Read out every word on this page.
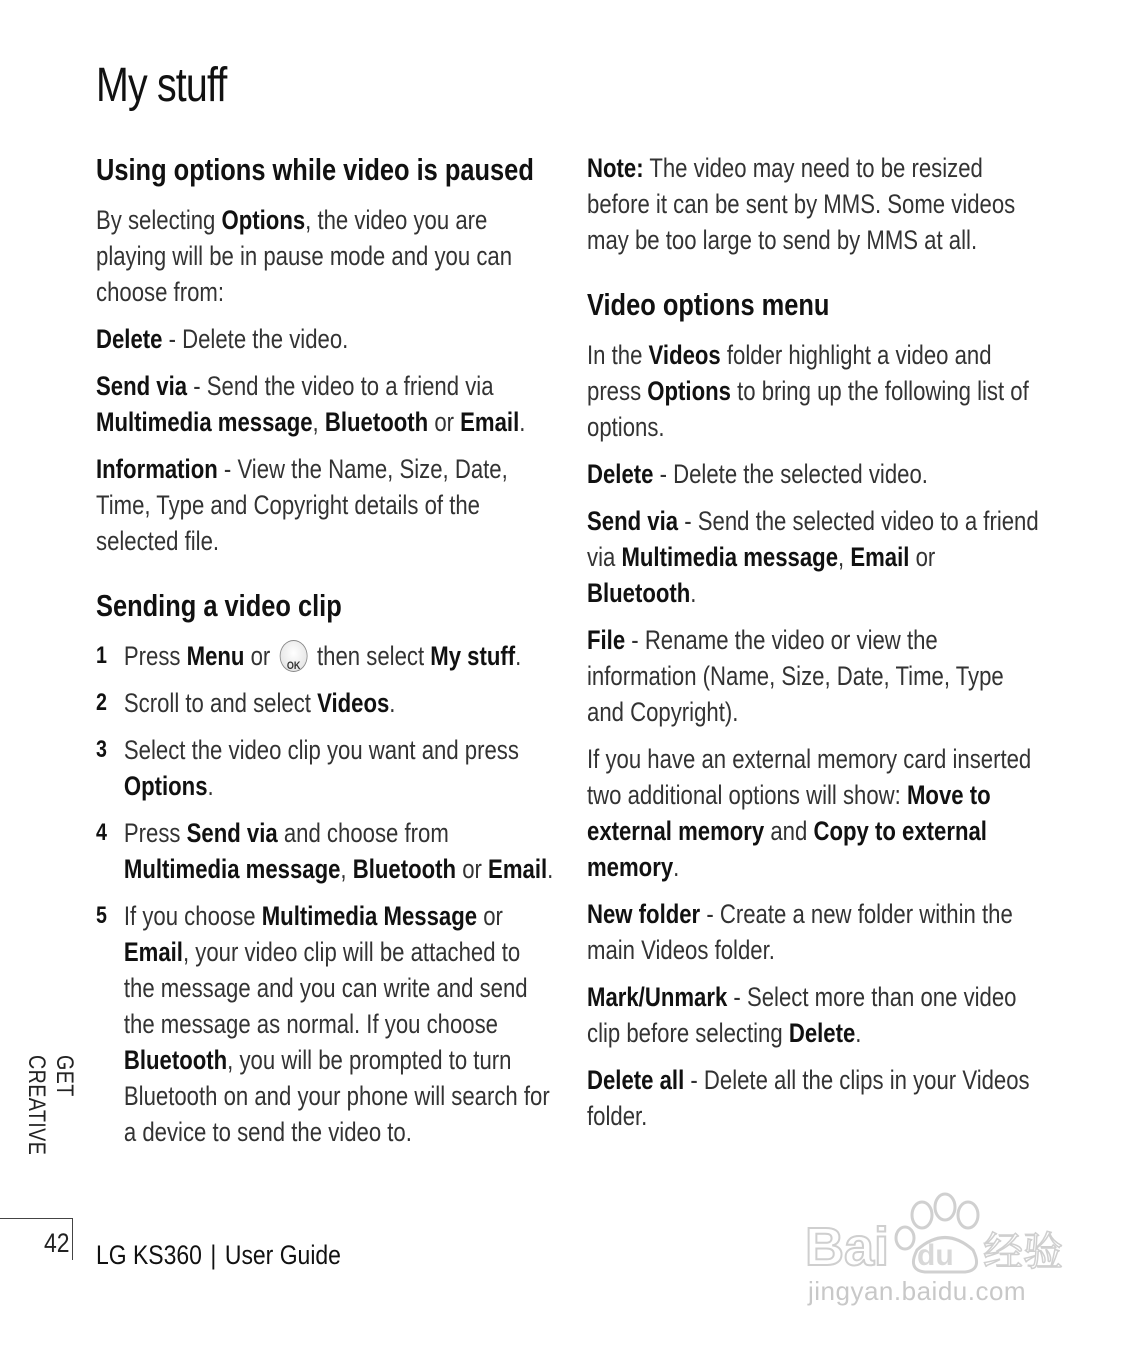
My stuff
Using options while video is paused

By selecting Options, the video you are playing will be in pause mode and you can choose from:

Delete - Delete the video.

Send via - Send the video to a friend via Multimedia message, Bluetooth or Email.

Information - View the Name, Size, Date, Time, Type and Copyright details of the selected file.

Sending a video clip
1 Press Menu or OK then select My stuff.
2 Scroll to and select Videos.
3 Select the video clip you want and press Options.
4 Press Send via and choose from Multimedia message, Bluetooth or Email.
5 If you choose Multimedia Message or Email, your video clip will be attached to the message and you can write and send the message as normal. If you choose Bluetooth, you will be prompted to turn Bluetooth on and your phone will search for a device to send the video to.

Note: The video may need to be resized before it can be sent by MMS. Some videos may be too large to send by MMS at all.

Video options menu

In the Videos folder highlight a video and press Options to bring up the following list of options.

Delete - Delete the selected video.

Send via - Send the selected video to a friend via Multimedia message, Email or Bluetooth.

File - Rename the video or view the information (Name, Size, Date, Time, Type and Copyright).

If you have an external memory card inserted two additional options will show: Move to external memory and Copy to external memory.

New folder - Create a new folder within the main Videos folder.

Mark/Unmark - Select more than one video clip before selecting Delete.

Delete all - Delete all the clips in your Videos folder.

GET CREATIVE
42 LG KS360 | User Guide	Bai du 经验
jingyan.baidu.com
